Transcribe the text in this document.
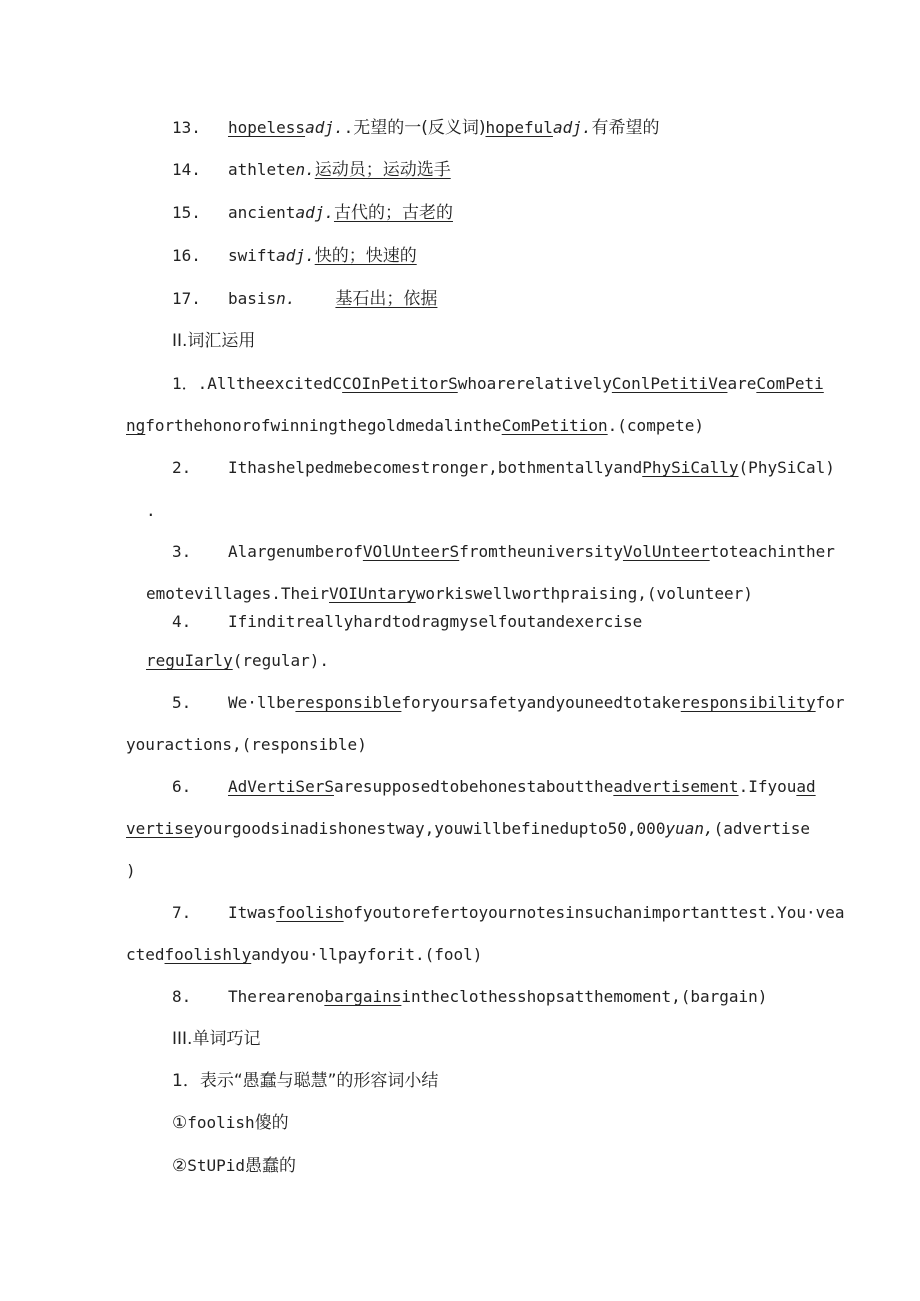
13. hopelessadj..无望的一(反义词)hopefuladj.有希望的
14. athleten.运动员；运动选手
15. ancientadj.古代的；古老的
16. swiftadj.快的；快速的
17. basisn. 基石出；依据
II.词汇运用
1．.AlltheexcitedCCOInPetitorSwhoarerelativelyConlPetitiVeareComPeti
ngforthehonorofwinningthegoldmedalintheComPetition.(compete)
2. Ithashelpedmebecomestronger,bothmentallyandPhySiCally(PhySiCal)
.
3. AlargenumberofVOlUnteerSfromtheuniversityVolUnteertoteachinther
emotevillages.TheirVOIUntaryworkiswellworthpraising,(volunteer)
4. Ifinditreallyhardtodragmyselfoutandexercise
reguIarly(regular).
5. We·llberesponsibleforyoursafetyandyouneedtotakeresponsibilityfor
youractions,(responsible)
6. AdVertiSerSaresupposedtobehonestabouttheadvertisement.Ifyouad
vertiseyourgoodsinadishonestway,youwillbefinedupto50,000yuan,(advertise
)
7. Itwasfoolishofyoutorefertoyournotesinsuchanimportanttest.You·vea
ctedfoolishlyandyou·llpayforit.(fool)
8. Therearеnobargainsintheclothesshopsatthemoment,(bargain)
III.单词巧记
1．表示“愚蠢与聪慧”的形容词小结
①foolish傻的
②StUPid愚蠢的
